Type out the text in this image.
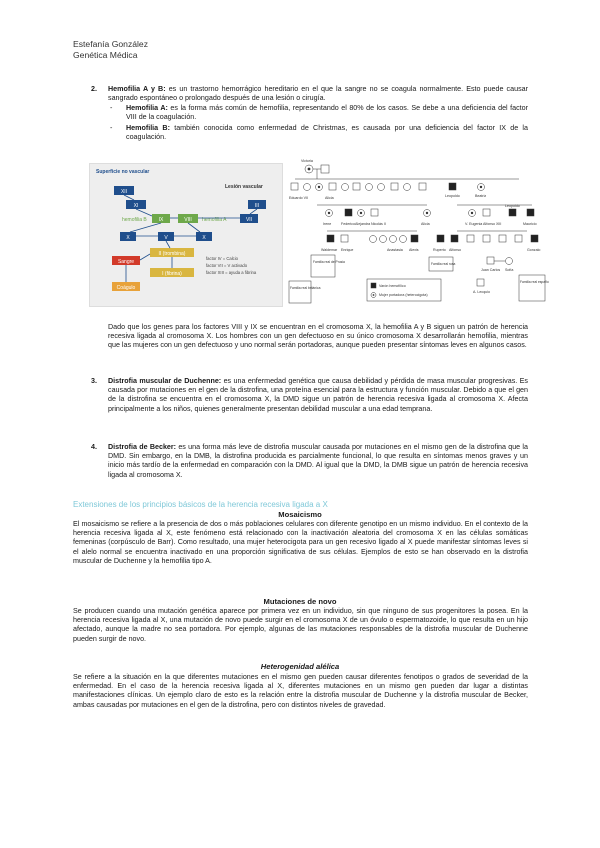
Estefanía González
Genética Médica
2. Hemofilia A y B: es un trastorno hemorrágico hereditario en el que la sangre no se coagula normalmente. Esto puede causar sangrado espontáneo o prolongado después de una lesión o cirugía.
- Hemofilia A: es la forma más común de hemofilia, representando el 80% de los casos. Se debe a una deficiencia del factor VIII de la coagulación.
- Hemofilia B: también conocida como enfermedad de Christmas, es causada por una deficiencia del factor IX de la coagulación.
Superficie no vascular
Lesión vascular
XII
XI
IX
hemofilia B	VIII hemofilia A	VII
III
X	V	X
II (trombina)
Sangre
I (fibrina)
Coágulo
factor IV = Calcio
factor VII = V activado
factor XIII = ayuda a fibrina
Victoria
Eduardo VII	Alicia	Leopoldo	Beatriz
Irene	Federico Alejandra Nicolás II	Alicia	V. Eugenia Alfonso XIII
Leopoldo
Mauricio
Waldemar Enrique	Anastasia Alexis	Ruperto Alfonso	Gonzalo
Juan Carlos Sofía
A. Lecquio
Familia real de Prusia	Familia real rusa
Familia real británica
Familia real española
Varón hemofílico
Mujer portadora (heterocigota)
Dado que los genes para los factores VIII y IX se encuentran en el cromosoma X, la hemofilia A y B siguen un patrón de herencia recesiva ligada al cromosoma X. Los hombres con un gen defectuoso en su único cromosoma X desarrollarán hemofilia, mientras que las mujeres con un gen defectuoso y uno normal serán portadoras, aunque pueden presentar síntomas leves en algunos casos.
3. Distrofia muscular de Duchenne: es una enfermedad genética que causa debilidad y pérdida de masa muscular progresivas. Es causada por mutaciones en el gen de la distrofina, una proteína esencial para la estructura y función muscular. Debido a que el gen de la distrofina se encuentra en el cromosoma X, la DMD sigue un patrón de herencia recesiva ligada al cromosoma X. Afecta principalmente a los niños, quienes generalmente presentan debilidad muscular a una edad temprana.
4. Distrofia de Becker: es una forma más leve de distrofia muscular causada por mutaciones en el mismo gen de la distrofina que la DMD. Sin embargo, en la DMB, la distrofina producida es parcialmente funcional, lo que resulta en síntomas menos graves y un inicio más tardío de la enfermedad en comparación con la DMD. Al igual que la DMD, la DMB sigue un patrón de herencia recesiva ligada al cromosoma X.
Extensiones de los principios básicos de la herencia recesiva ligada a X
Mosaicismo
El mosaicismo se refiere a la presencia de dos o más poblaciones celulares con diferente genotipo en un mismo individuo. En el contexto de la herencia recesiva ligada al X, este fenómeno está relacionado con la inactivación aleatoria del cromosoma X en las células somáticas femeninas (corpúsculo de Barr). Como resultado, una mujer heterocigota para un gen recesivo ligado al X puede manifestar síntomas leves si el alelo normal se encuentra inactivado en una proporción significativa de sus células. Ejemplos de esto se han observado en la distrofia muscular de Duchenne y la hemofilia tipo A.
Mutaciones de novo
Se producen cuando una mutación genética aparece por primera vez en un individuo, sin que ninguno de sus progenitores la posea. En la herencia recesiva ligada al X, una mutación de novo puede surgir en el cromosoma X de un óvulo o espermatozoide, lo que resulta en un hijo afectado, aunque la madre no sea portadora. Por ejemplo, algunas de las mutaciones responsables de la distrofia muscular de Duchenne pueden surgir de novo.
Heterogenidad alélica
Se refiere a la situación en la que diferentes mutaciones en el mismo gen pueden causar diferentes fenotipos o grados de severidad de la enfermedad. En el caso de la herencia recesiva ligada al X, diferentes mutaciones en un mismo gen pueden dar lugar a distintas manifestaciones clínicas. Un ejemplo claro de esto es la relación entre la distrofia muscular de Duchenne y la distrofia muscular de Becker, ambas causadas por mutaciones en el gen de la distrofina, pero con distintos niveles de gravedad.
